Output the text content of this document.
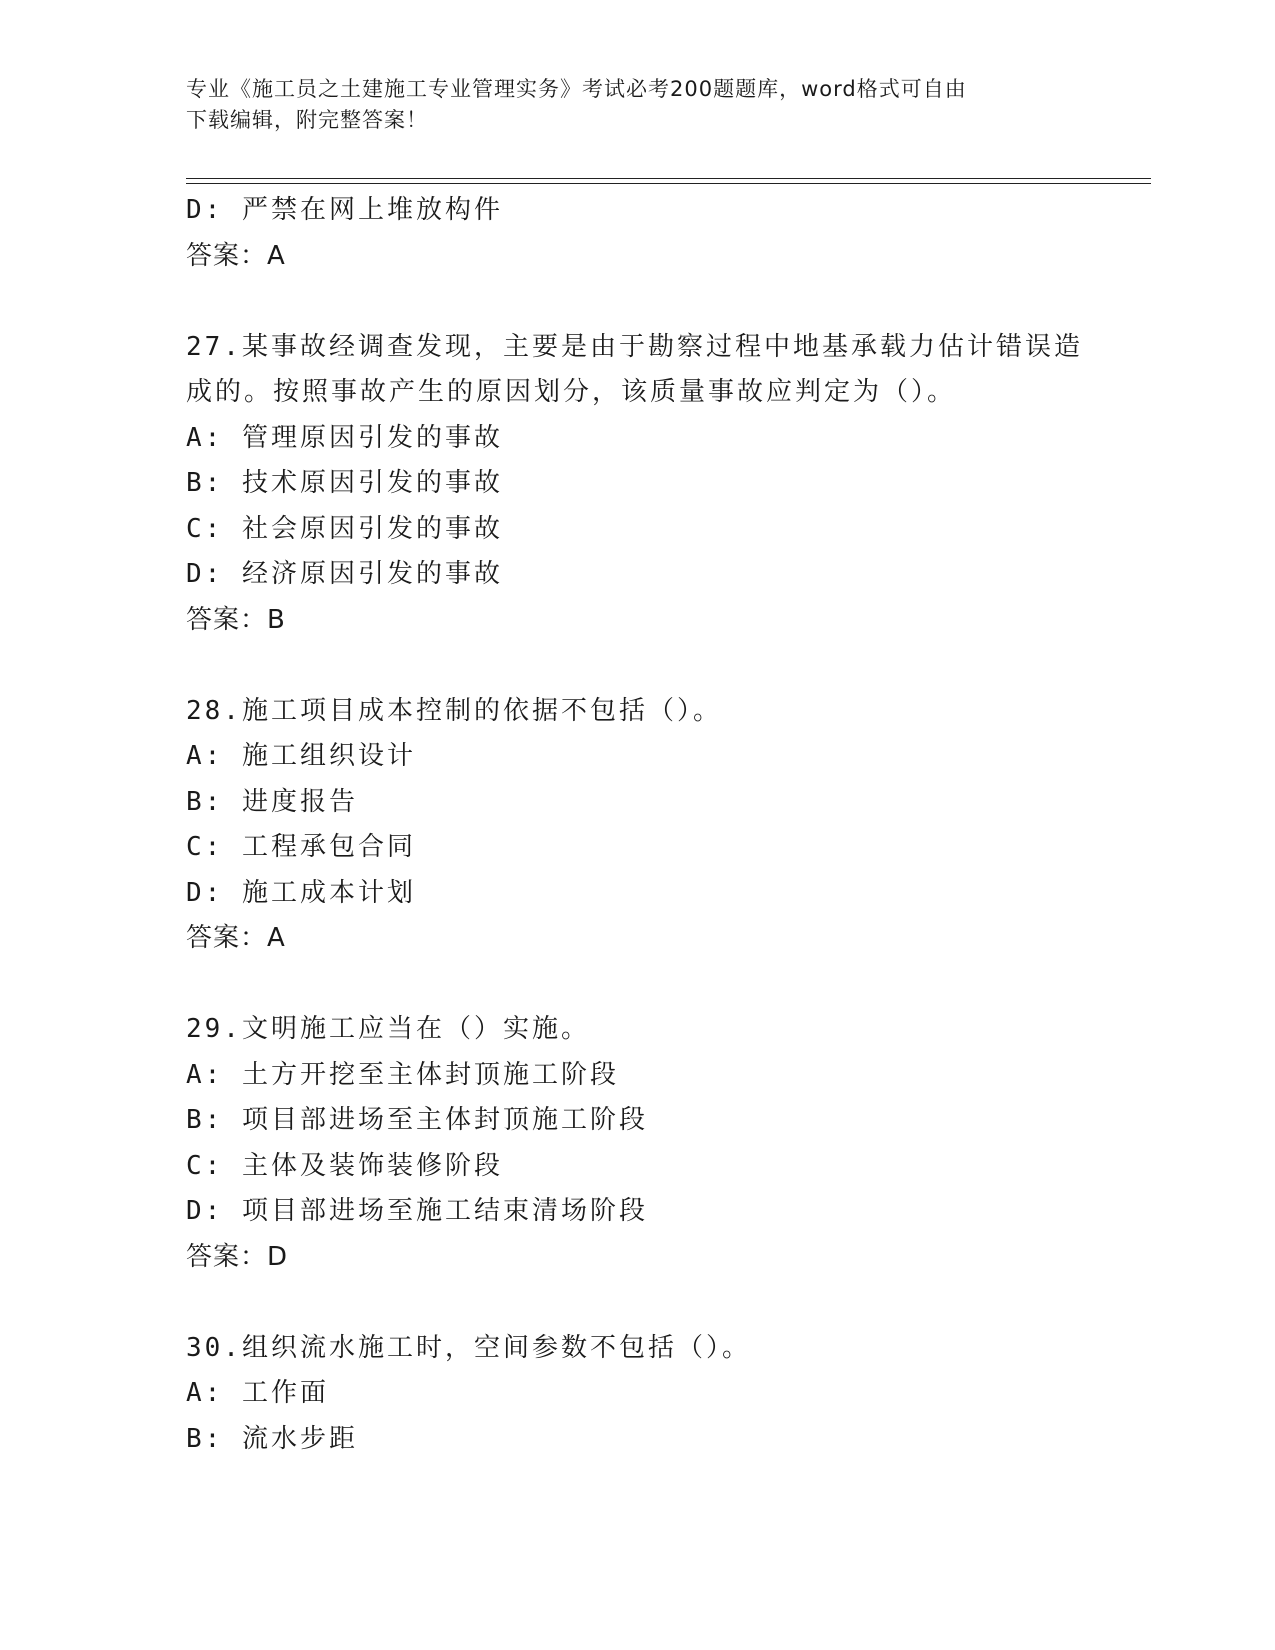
专业《施工员之土建施工专业管理实务》考试必考200题题库，word格式可自由
下载编辑，附完整答案！
D: 严禁在网上堆放构件
答案：A
27.某事故经调查发现，主要是由于勘察过程中地基承载力估计错误造
成的。按照事故产生的原因划分，该质量事故应判定为（）。
A: 管理原因引发的事故
B: 技术原因引发的事故
C: 社会原因引发的事故
D: 经济原因引发的事故
答案：B
28.施工项目成本控制的依据不包括（）。
A: 施工组织设计
B: 进度报告
C: 工程承包合同
D: 施工成本计划
答案：A
29.文明施工应当在（）实施。
A: 土方开挖至主体封顶施工阶段
B: 项目部进场至主体封顶施工阶段
C: 主体及装饰装修阶段
D: 项目部进场至施工结束清场阶段
答案：D
30.组织流水施工时，空间参数不包括（）。
A: 工作面
B: 流水步距
